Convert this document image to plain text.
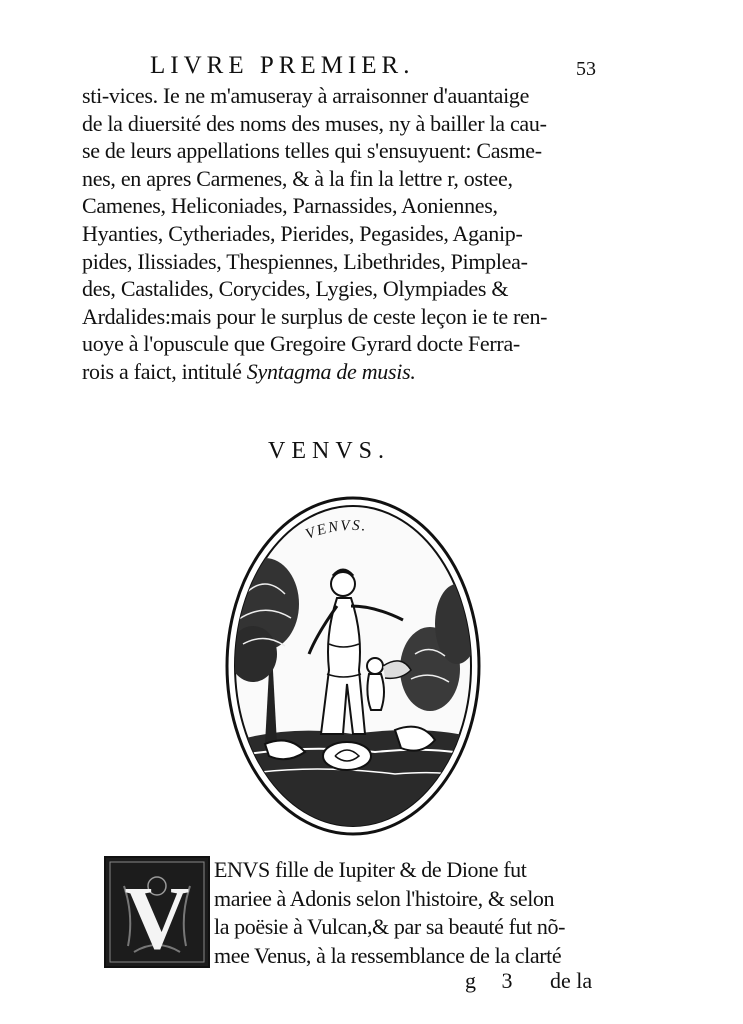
LIVRE PREMIER.	53
sti-vices. Ie ne m'amuseray à arraisonner d'auantaige
de la diuersité des noms des muses, ny à bailler la cau-
se de leurs appellations telles qui s'ensuyuent: Casme-
nes, en apres Carmenes, & à la fin la lettre r, ostee,
Camenes, Heliconiades, Parnassides, Aoniennes,
Hyanties, Cytheriades, Pierides, Pegasides, Aganip-
pides, Ilissiades, Thespiennes, Libethrides, Pimplea-
des, Castalides, Corycides, Lygies, Olympiades &
Ardalides:mais pour le surplus de ceste leçon ie te ren-
uoye à l'opuscule que Gregoire Gyrard docte Ferra-
rois a faict, intitulé Syntagma de musis.
VENVS.
VENVS.
V ENVS fille de Iupiter & de Dione fut
mariee à Adonis selon l'histoire, & selon
la poësie à Vulcan,& par sa beauté fut nõ-
mee Venus, à la ressemblance de la clarté
g 3 de la
